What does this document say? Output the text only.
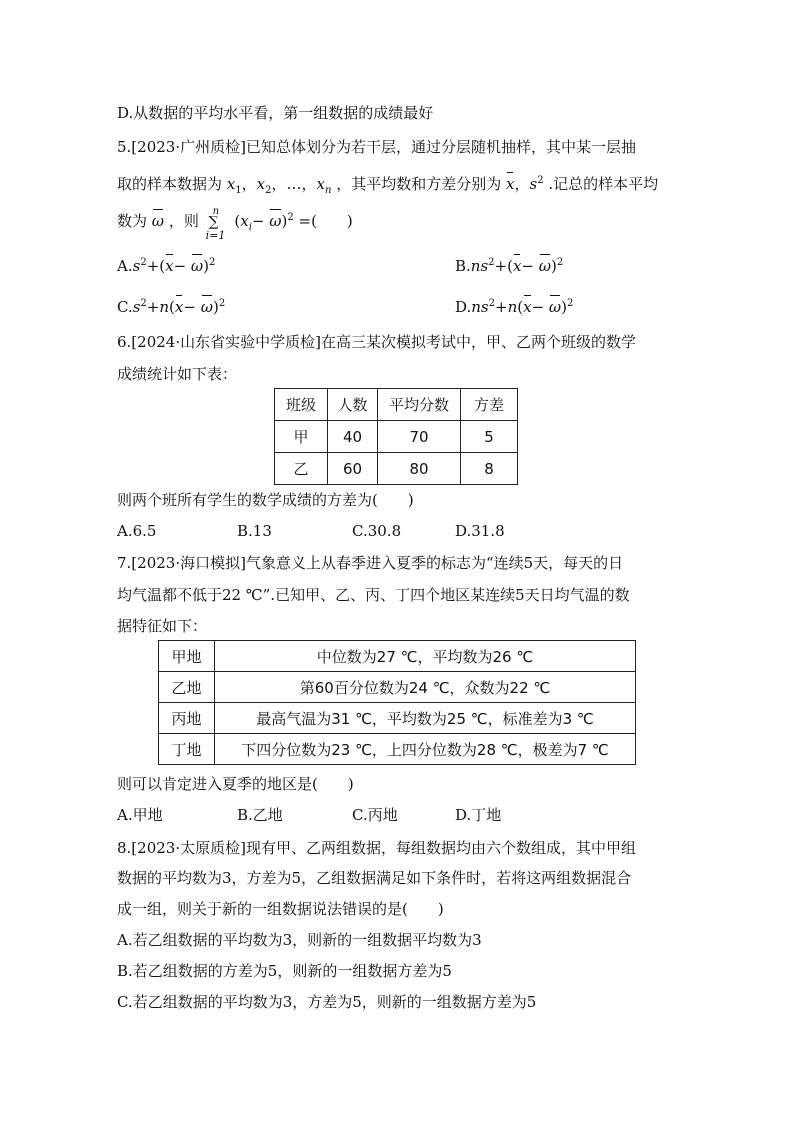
D.从数据的平均水平看，第一组数据的成绩最好
5.[2023·广州质检]已知总体划分为若干层，通过分层随机抽样，其中某一层抽
取的样本数据为 $x_1$，$x_2$，…，$x_n$ ，其平均数和方差分别为 x，$s^2$ .记总的样本平均
数为 ω ，则
n
∑
i=1
$(x_i- \omega)^2$ =(　　)
$A.s^2+(x- \omega)^2$	$B.ns^2+(x- \omega)^2$
$C.s^2+n(x- \omega)^2$	$D.ns^2+n(x- \omega)^2$
6.[2024·山东省实验中学质检]在高三某次模拟考试中，甲、乙两个班级的数学
成绩统计如下表：
班级	人数	平均分数	方差
甲	40	70	5
乙	60	80	8
则两个班所有学生的数学成绩的方差为(　　)
A.6.5	B.13	C.30.8	D.31.8
7.[2023·海口模拟]气象意义上从春季进入夏季的标志为“连续5天，每天的日
均气温都不低于22 ℃”.已知甲、乙、丙、丁四个地区某连续5天日均气温的数
据特征如下：
甲地	中位数为27 ℃，平均数为26 ℃
乙地	第60百分位数为24 ℃，众数为22 ℃
丙地	最高气温为31 ℃，平均数为25 ℃，标准差为3 ℃
丁地	下四分位数为23 ℃，上四分位数为28 ℃，极差为7 ℃
则可以肯定进入夏季的地区是(　　)
A.甲地	B.乙地	C.丙地	D.丁地
8.[2023·太原质检]现有甲、乙两组数据，每组数据均由六个数组成，其中甲组
数据的平均数为3，方差为5，乙组数据满足如下条件时，若将这两组数据混合
成一组，则关于新的一组数据说法错误的是(　　)
A.若乙组数据的平均数为3，则新的一组数据平均数为3
B.若乙组数据的方差为5，则新的一组数据方差为5
C.若乙组数据的平均数为3，方差为5，则新的一组数据方差为5
